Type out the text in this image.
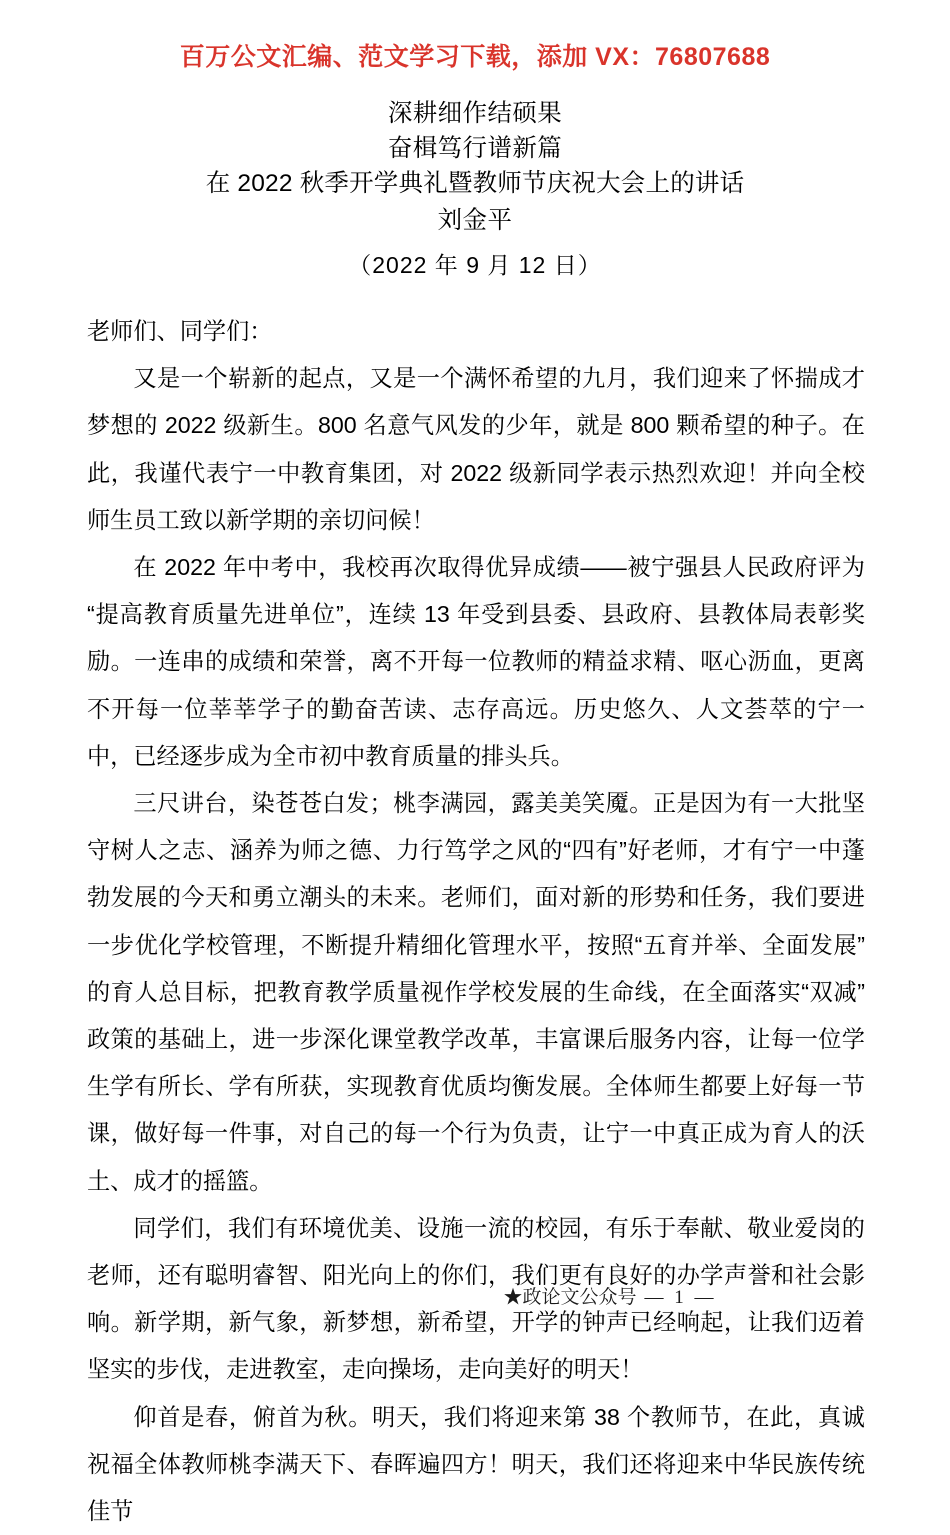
百万公文汇编、范文学习下载，添加 VX：76807688
深耕细作结硕果
奋楫笃行谱新篇
在 2022 秋季开学典礼暨教师节庆祝大会上的讲话
刘金平
（2022 年 9 月 12 日）

老师们、同学们：

又是一个崭新的起点，又是一个满怀希望的九月，我们迎来了怀揣成才梦想的 2022 级新生。800 名意气风发的少年，就是 800 颗希望的种子。在此，我谨代表宁一中教育集团，对 2022 级新同学表示热烈欢迎！并向全校师生员工致以新学期的亲切问候！

在 2022 年中考中，我校再次取得优异成绩——被宁强县人民政府评为“提高教育质量先进单位”，连续 13 年受到县委、县政府、县教体局表彰奖励。一连串的成绩和荣誉，离不开每一位教师的精益求精、呕心沥血，更离不开每一位莘莘学子的勤奋苦读、志存高远。历史悠久、人文荟萃的宁一中，已经逐步成为全市初中教育质量的排头兵。

三尺讲台，染苍苍白发；桃李满园，露美美笑魇。正是因为有一大批坚守树人之志、涵养为师之德、力行笃学之风的“四有”好老师，才有宁一中蓬勃发展的今天和勇立潮头的未来。老师们，面对新的形势和任务，我们要进一步优化学校管理，不断提升精细化管理水平，按照“五育并举、全面发展”的育人总目标，把教育教学质量视作学校发展的生命线，在全面落实“双减”政策的基础上，进一步深化课堂教学改革，丰富课后服务内容，让每一位学生学有所长、学有所获，实现教育优质均衡发展。全体师生都要上好每一节课，做好每一件事，对自己的每一个行为负责，让宁一中真正成为育人的沃土、成才的摇篮。

同学们，我们有环境优美、设施一流的校园，有乐于奉献、敬业爱岗的老师，还有聪明睿智、阳光向上的你们，我们更有良好的办学声誉和社会影响。新学期，新气象，新梦想，新希望，开学的钟声已经响起，让我们迈着坚实的步伐，走进教室，走向操场，走向美好的明天！

仰首是春，俯首为秋。明天，我们将迎来第 38 个教师节，在此，真诚祝福全体教师桃李满天下、春晖遍四方！明天，我们还将迎来中华民族传统佳节

★政论文公众号 — 1 —
